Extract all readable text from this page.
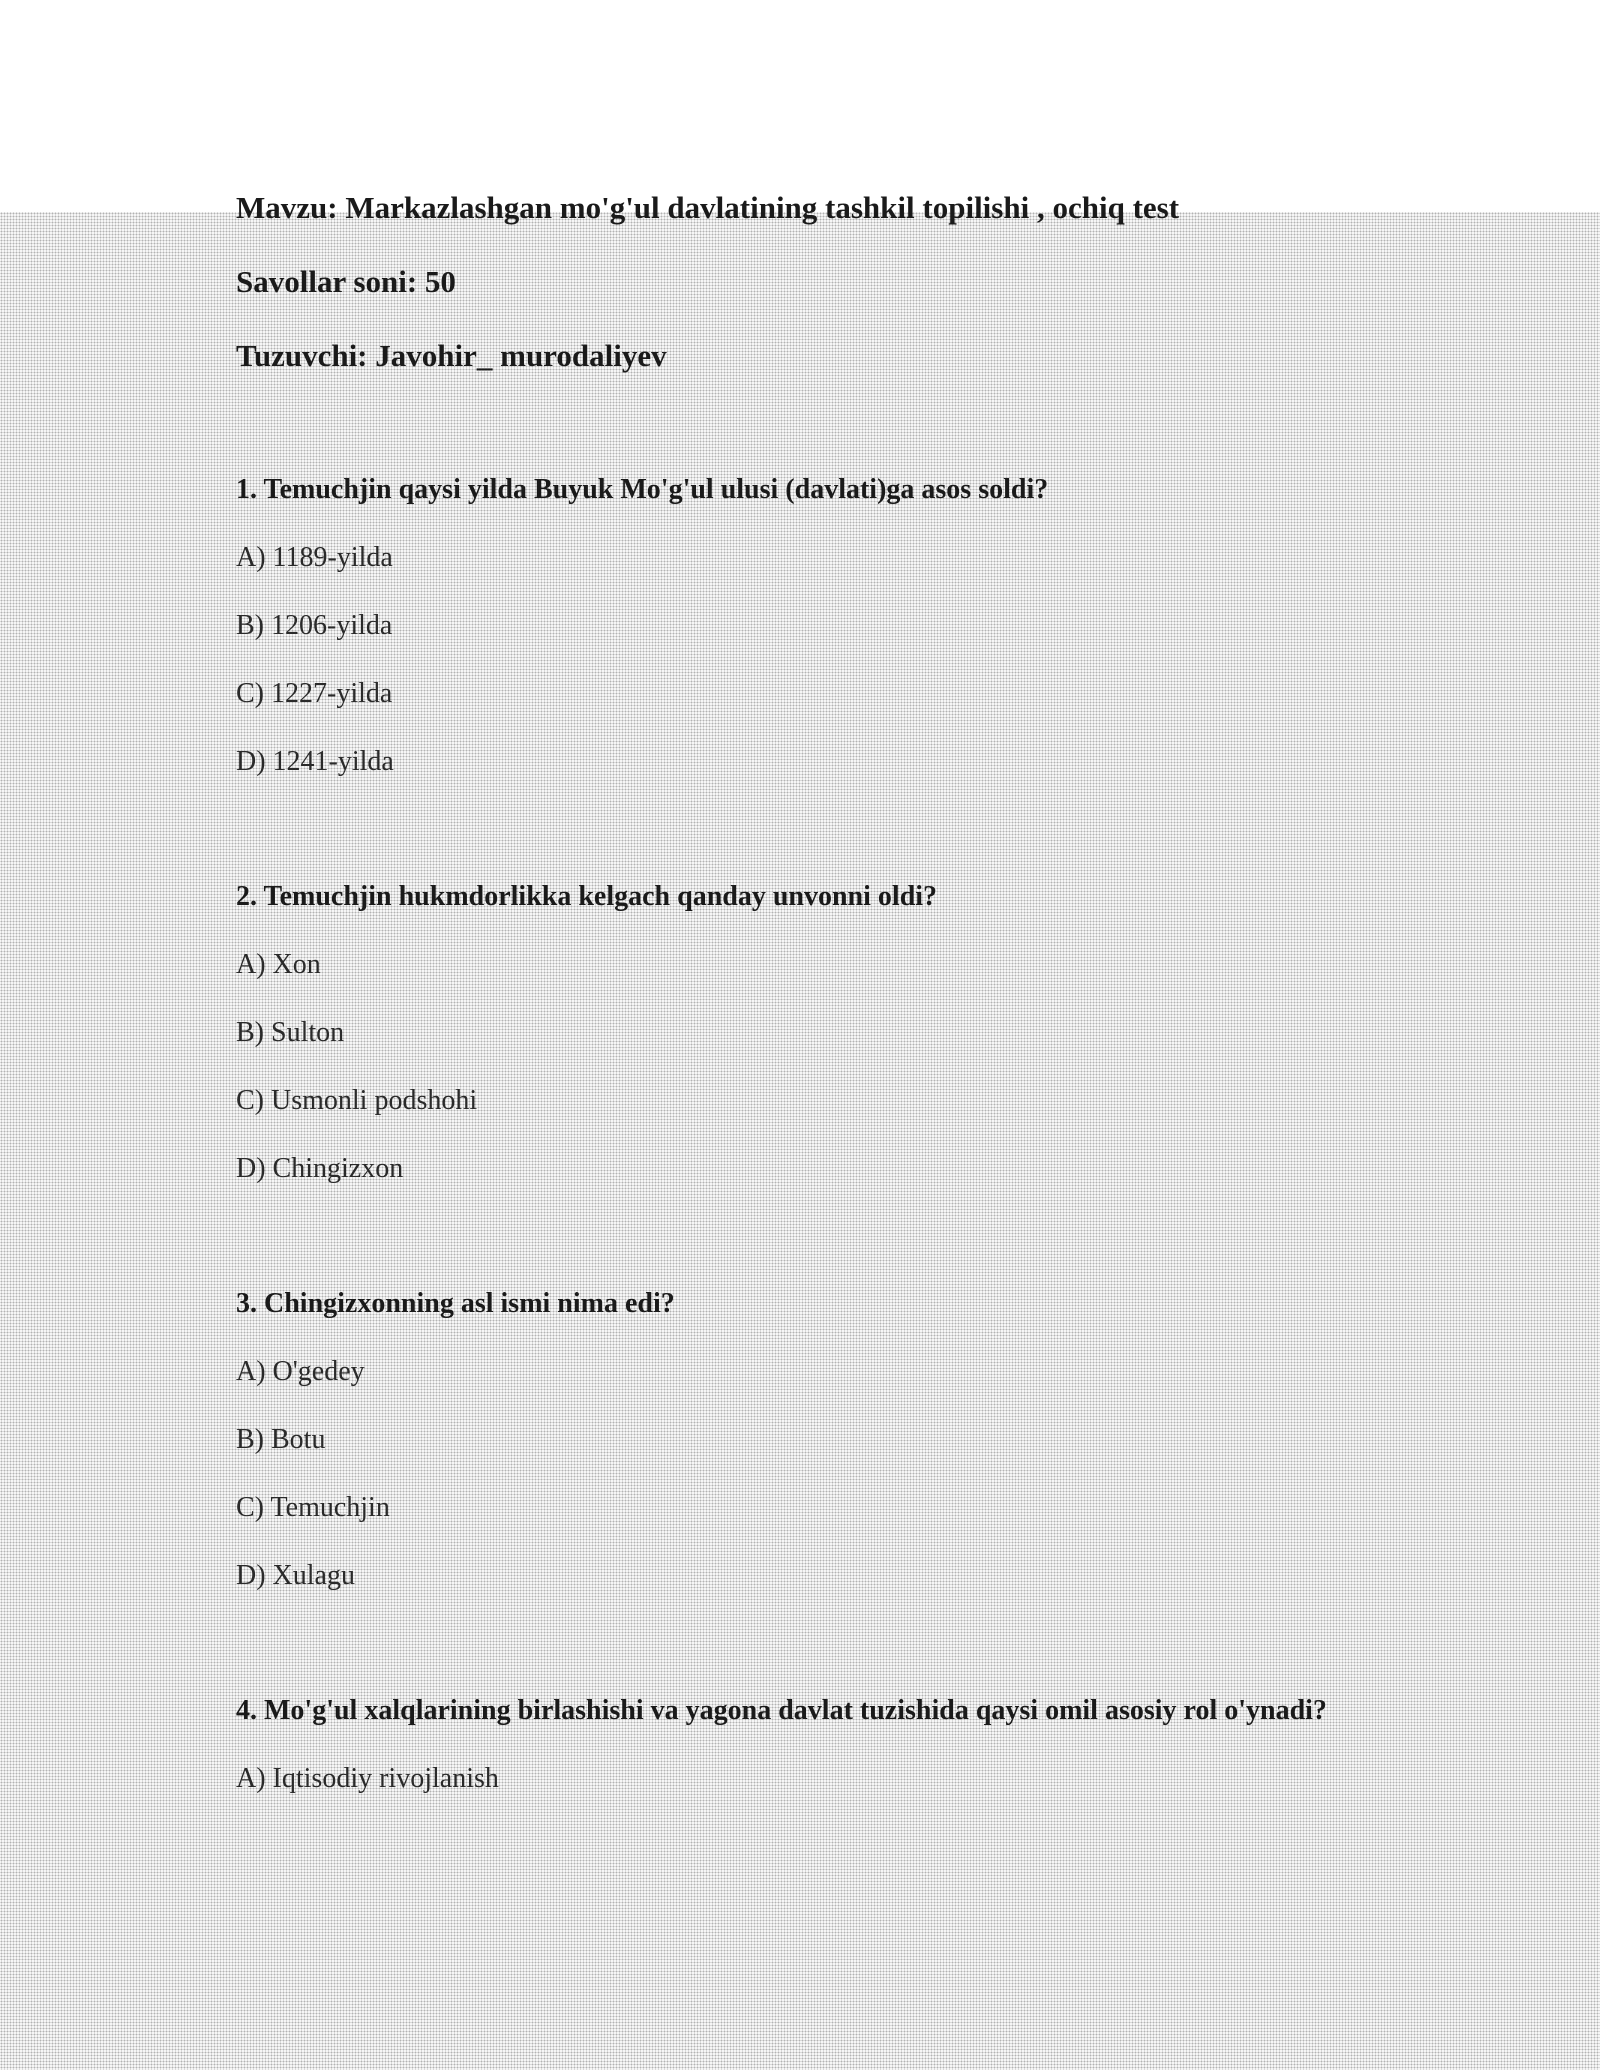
Mavzu: Markazlashgan mo'g'ul davlatining tashkil topilishi , ochiq test

Savollar soni: 50

Tuzuvchi: Javohir_ murodaliyev

1. Temuchjin qaysi yilda Buyuk Mo'g'ul ulusi (davlati)ga asos soldi?

A) 1189-yilda

B) 1206-yilda

C) 1227-yilda

D) 1241-yilda

2. Temuchjin hukmdorlikka kelgach qanday unvonni oldi?

A) Xon

B) Sulton

C) Usmonli podshohi

D) Chingizxon

3. Chingizxonning asl ismi nima edi?

A) O'gedey

B) Botu

C) Temuchjin

D) Xulagu

4. Mo'g'ul xalqlarining birlashishi va yagona davlat tuzishida qaysi omil asosiy rol o'ynadi?

A) Iqtisodiy rivojlanish
